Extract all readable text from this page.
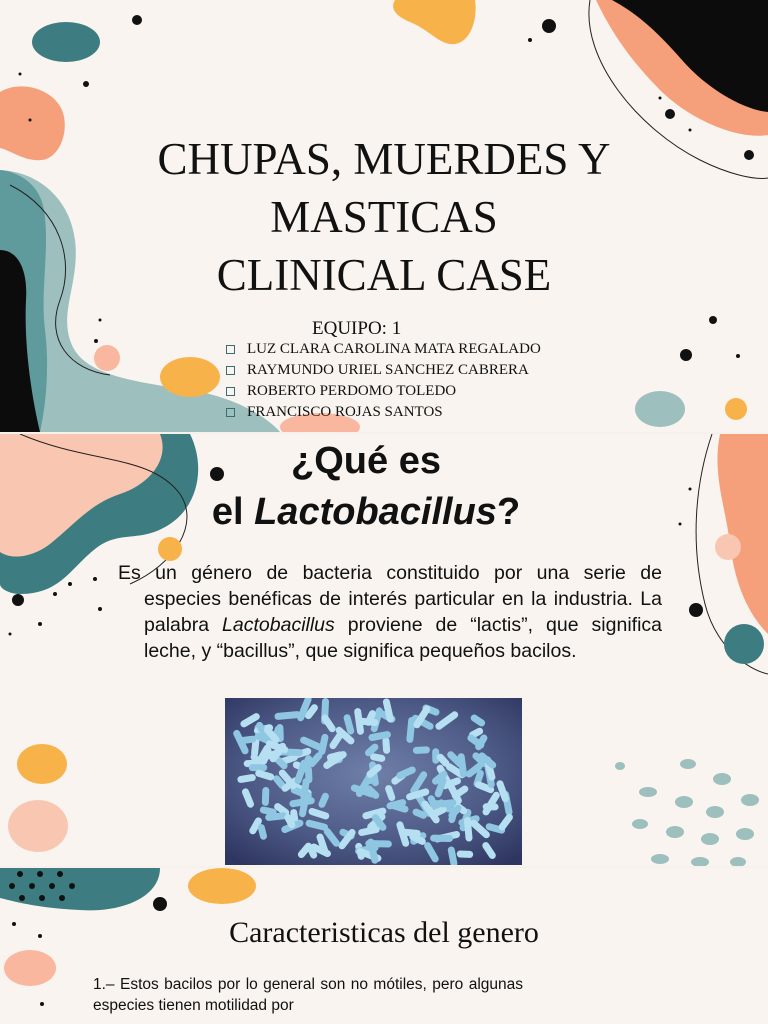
CHUPAS, MUERDES Y
MASTICAS
CLINICAL CASE

EQUIPO: 1

LUZ CLARA CAROLINA MATA REGALADO
RAYMUNDO URIEL SANCHEZ CABRERA
ROBERTO PERDOMO TOLEDO
FRANCISCO ROJAS SANTOS
¿Qué es
el Lactobacillus?

Es un género de bacteria constituido por una serie de especies benéficas de interés particular en la industria. La palabra Lactobacillus proviene de “lactis”, que significa leche, y “bacillus”, que significa pequeños bacilos.

Caracteristicas del genero

1.– Estos bacilos por lo general son no mótiles, pero algunas especies tienen motilidad por
